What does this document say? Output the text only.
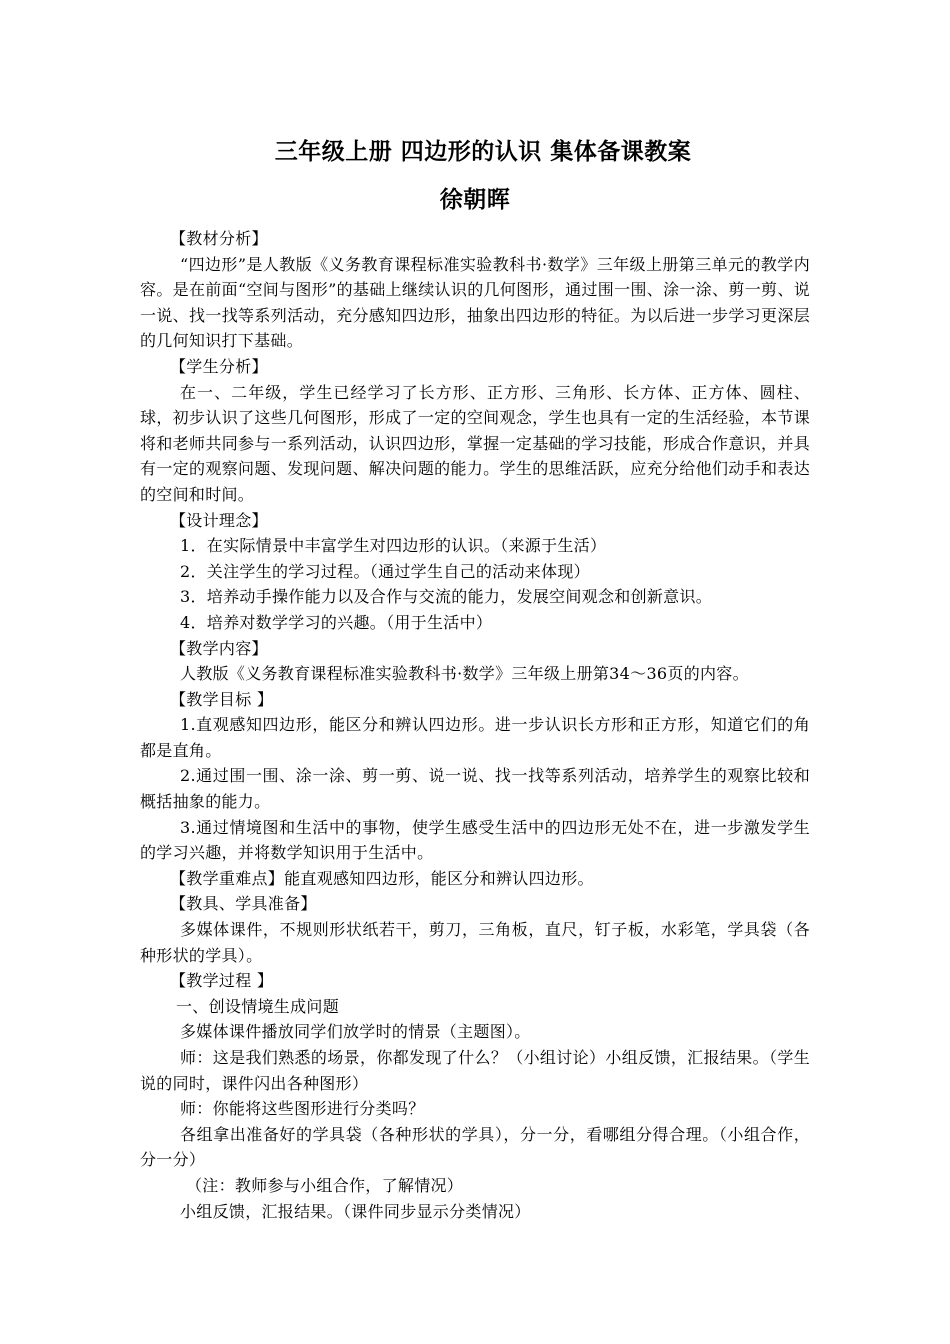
三年级上册 四边形的认识 集体备课教案
徐朝晖

【教材分析】

“四边形”是人教版《义务教育课程标准实验教科书·数学》三年级上册第三单元的教学内容。是在前面“空间与图形”的基础上继续认识的几何图形，通过围一围、涂一涂、剪一剪、说一说、找一找等系列活动，充分感知四边形，抽象出四边形的特征。为以后进一步学习更深层的几何知识打下基础。

【学生分析】

在一、二年级，学生已经学习了长方形、正方形、三角形、长方体、正方体、圆柱、球，初步认识了这些几何图形，形成了一定的空间观念，学生也具有一定的生活经验，本节课将和老师共同参与一系列活动，认识四边形，掌握一定基础的学习技能，形成合作意识，并具有一定的观察问题、发现问题、解决问题的能力。学生的思维活跃，应充分给他们动手和表达的空间和时间。

【设计理念】

1．在实际情景中丰富学生对四边形的认识。（来源于生活）

2．关注学生的学习过程。（通过学生自己的活动来体现）

3．培养动手操作能力以及合作与交流的能力，发展空间观念和创新意识。

4．培养对数学学习的兴趣。（用于生活中）

【教学内容】

人教版《义务教育课程标准实验教科书·数学》三年级上册第34～36页的内容。

【教学目标 】

1.直观感知四边形，能区分和辨认四边形。进一步认识长方形和正方形，知道它们的角都是直角。

2.通过围一围、涂一涂、剪一剪、说一说、找一找等系列活动，培养学生的观察比较和概括抽象的能力。

3.通过情境图和生活中的事物，使学生感受生活中的四边形无处不在，进一步激发学生的学习兴趣，并将数学知识用于生活中。

【教学重难点】能直观感知四边形，能区分和辨认四边形。

【教具、学具准备】

多媒体课件，不规则形状纸若干，剪刀，三角板，直尺，钉子板，水彩笔，学具袋（各种形状的学具）。

【教学过程 】

一、创设情境生成问题

多媒体课件播放同学们放学时的情景（主题图）。

师：这是我们熟悉的场景，你都发现了什么？（小组讨论）小组反馈，汇报结果。（学生说的同时，课件闪出各种图形）

师：你能将这些图形进行分类吗？

各组拿出准备好的学具袋（各种形状的学具），分一分，看哪组分得合理。（小组合作，分一分）

（注：教师参与小组合作，了解情况）

小组反馈，汇报结果。（课件同步显示分类情况）
